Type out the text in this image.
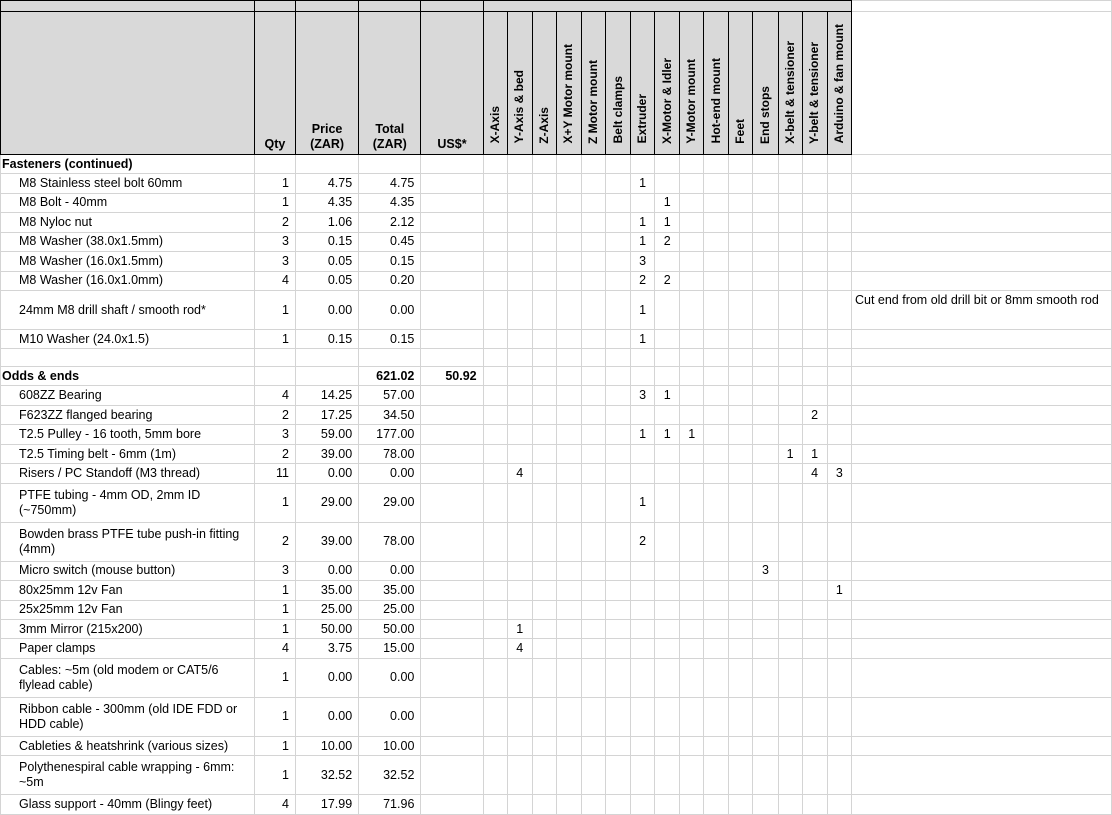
	Qty	Price (ZAR)	Total (ZAR)	US$*	X-Axis	Y-Axis & bed	Z-Axis	X+Y Motor mount	Z Motor mount	Belt clamps	Extruder	X-Motor & Idler	Y-Motor mount	Hot-end mount	Feet	End stops	X-belt & tensioner	Y-belt & tensioner	Arduino & fan mount	
Fasteners (continued)																				
M8 Stainless steel bolt 60mm	1	4.75	4.75								1									
M8 Bolt - 40mm	1	4.35	4.35									1								
M8 Nyloc nut	2	1.06	2.12								1	1								
M8 Washer (38.0x1.5mm)	3	0.15	0.45								1	2								
M8 Washer (16.0x1.5mm)	3	0.05	0.15								3									
M8 Washer (16.0x1.0mm)	4	0.05	0.20								2	2								
24mm M8 drill shaft / smooth rod*	1	0.00	0.00								1									Cut end from old drill bit or 8mm smooth rod
M10 Washer (24.0x1.5)	1	0.15	0.15								1									

Odds & ends			621.02	50.92																
608ZZ Bearing	4	14.25	57.00								3	1								
F623ZZ flanged bearing	2	17.25	34.50															2		
T2.5 Pulley - 16 tooth, 5mm bore	3	59.00	177.00								1	1	1							
T2.5 Timing belt - 6mm (1m)	2	39.00	78.00														1	1		
Risers / PC Standoff (M3 thread)	11	0.00	0.00			4												4	3	
PTFE tubing - 4mm OD, 2mm ID (~750mm)	1	29.00	29.00								1									
Bowden brass PTFE tube push-in fitting (4mm)	2	39.00	78.00								2									
Micro switch (mouse button)	3	0.00	0.00													3				
80x25mm 12v Fan	1	35.00	35.00																1	
25x25mm 12v Fan	1	25.00	25.00																	
3mm Mirror (215x200)	1	50.00	50.00			1														
Paper clamps	4	3.75	15.00			4														
Cables: ~5m (old modem or CAT5/6 flylead cable)	1	0.00	0.00																	
Ribbon cable - 300mm (old IDE FDD or HDD cable)	1	0.00	0.00																	
Cableties & heatshrink (various sizes)	1	10.00	10.00																	
Polythenespiral cable wrapping - 6mm: ~5m	1	32.52	32.52																	
Glass support - 40mm (Blingy feet)	4	17.99	71.96																	
